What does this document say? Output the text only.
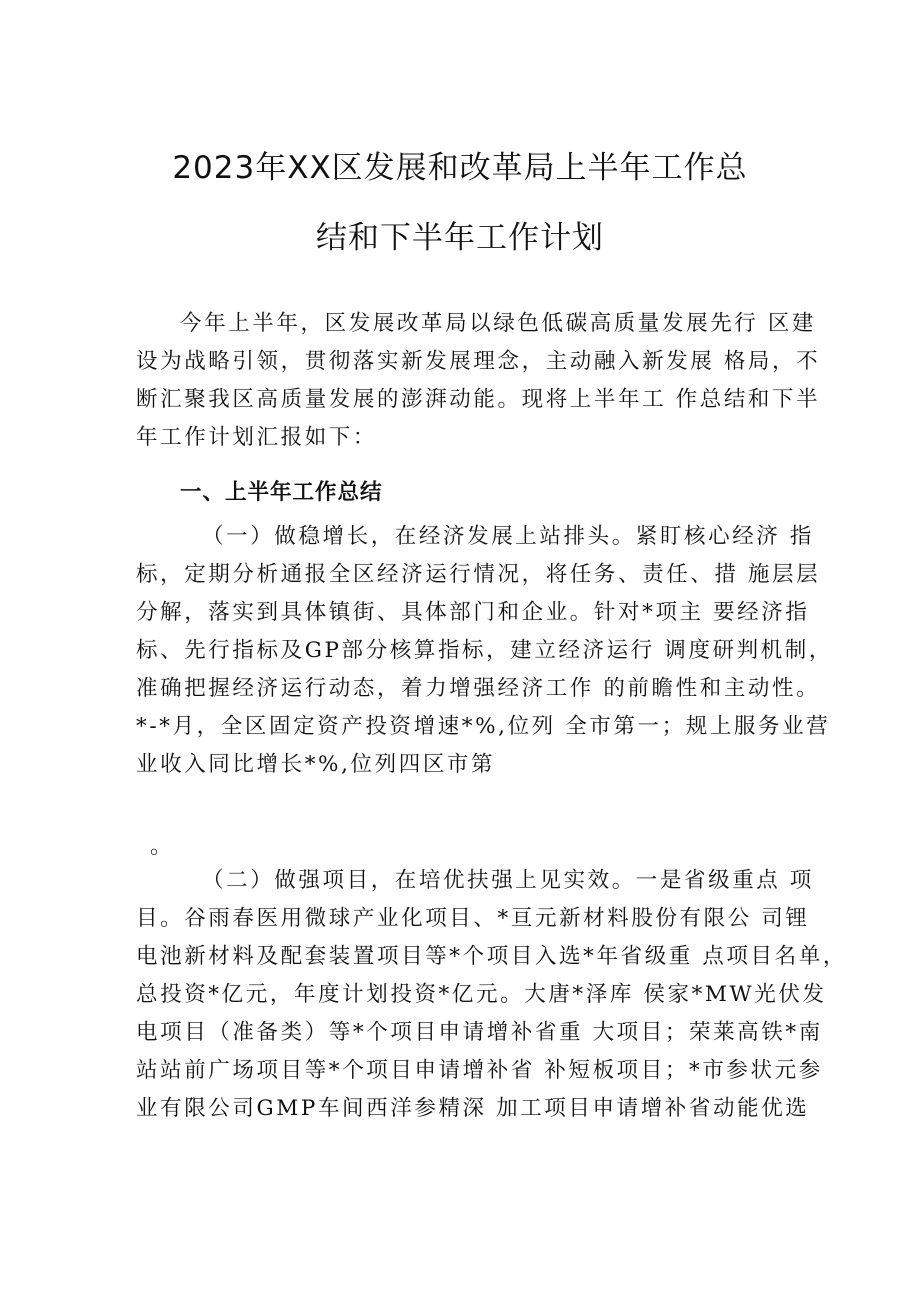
2023年XX区发展和改革局上半年工作总
结和下半年工作计划
今年上半年，区发展改革局以绿色低碳高质量发展先行 区建
设为战略引领，贯彻落实新发展理念，主动融入新发展 格局，不
断汇聚我区高质量发展的澎湃动能。现将上半年工 作总结和下半
年工作计划汇报如下：
一、上半年工作总结
（一）做稳增长，在经济发展上站排头。紧盯核心经济 指
标，定期分析通报全区经济运行情况，将任务、责任、措 施层层
分解，落实到具体镇街、具体部门和企业。针对*项主 要经济指
标、先行指标及GP部分核算指标，建立经济运行 调度研判机制，
准确把握经济运行动态，着力增强经济工作 的前瞻性和主动性。
*-*月，全区固定资产投资增速*%,位列 全市第一；规上服务业营
业收入同比增长*%,位列四区市第
。
（二）做强项目，在培优扶强上见实效。一是省级重点 项
目。谷雨春医用微球产业化项目、*亘元新材料股份有限公 司锂
电池新材料及配套装置项目等*个项目入选*年省级重 点项目名单，
总投资*亿元，年度计划投资*亿元。大唐*泽库 侯家*MW光伏发
电项目（准备类）等*个项目申请增补省重 大项目；荣莱高铁*南
站站前广场项目等*个项目申请增补省 补短板项目；*市参状元参
业有限公司GMP车间西洋参精深 加工项目申请增补省动能优选
